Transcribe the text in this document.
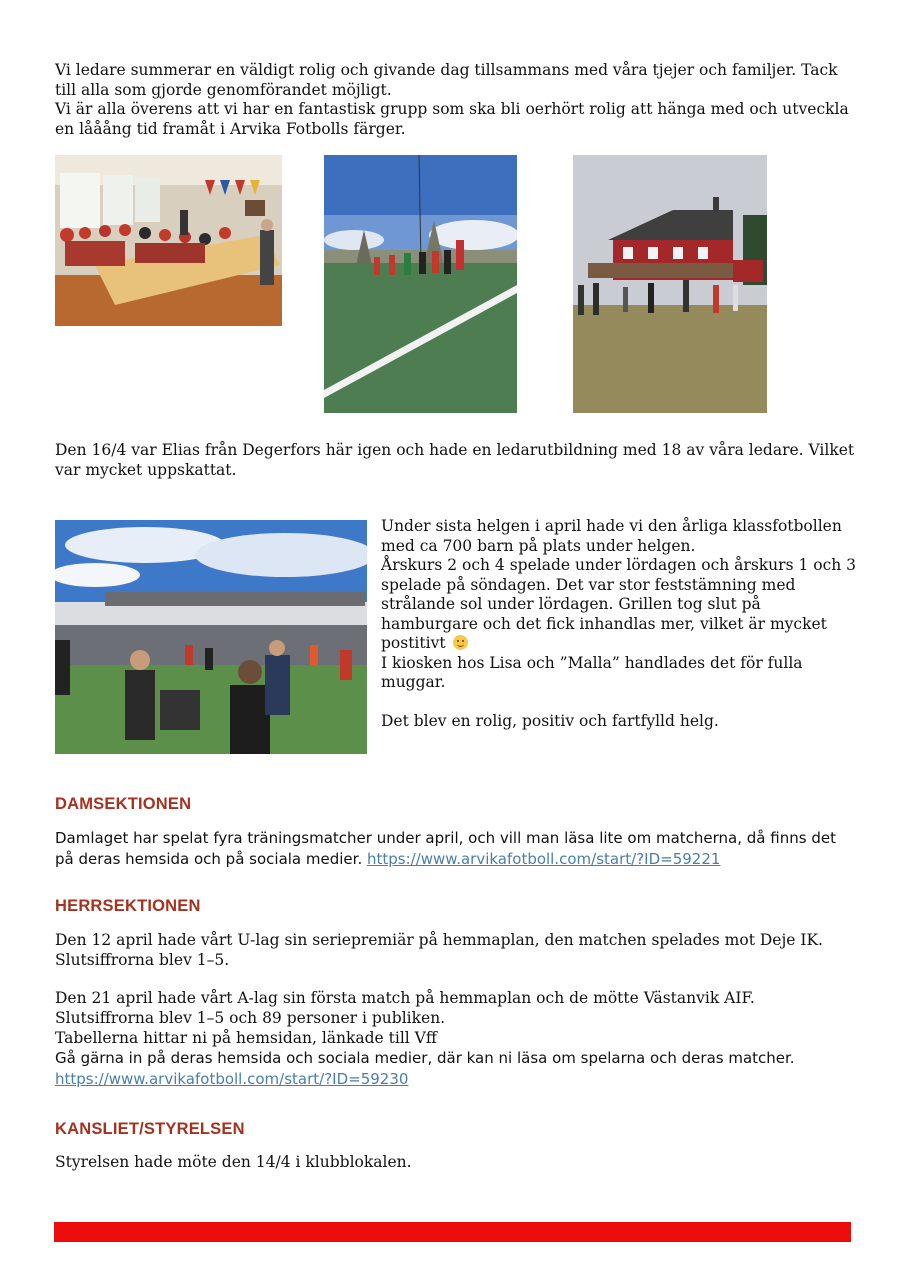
Vi ledare summerar en väldigt rolig och givande dag tillsammans med våra tjejer och familjer. Tack till alla som gjorde genomförandet möjligt.

Vi är alla överens att vi har en fantastisk grupp som ska bli oerhört rolig att hänga med och utveckla en lååång tid framåt i Arvika Fotbolls färger.

Den 16/4 var Elias från Degerfors här igen och hade en ledarutbildning med 18 av våra ledare. Vilket var mycket uppskattat.

Under sista helgen i april hade vi den årliga klassfotbollen med ca 700 barn på plats under helgen.

Årskurs 2 och 4 spelade under lördagen och årskurs 1 och 3 spelade på söndagen. Det var stor feststämning med strålande sol under lördagen. Grillen tog slut på hamburgare och det fick inhandlas mer, vilket är mycket postitivt

I kiosken hos Lisa och ”Malla” handlades det för fulla muggar.

Det blev en rolig, positiv och fartfylld helg.

DAMSEKTIONEN

Damlaget har spelat fyra träningsmatcher under april, och vill man läsa lite om matcherna, då finns det på deras hemsida och på sociala medier. https://www.arvikafotboll.com/start/?ID=59221

HERRSEKTIONEN

Den 12 april hade vårt U-lag sin seriepremiär på hemmaplan, den matchen spelades mot Deje IK. Slutsiffrorna blev 1–5.

Den 21 april hade vårt A-lag sin första match på hemmaplan och de mötte Västanvik AIF. Slutsiffrorna blev 1–5 och 89 personer i publiken.

Tabellerna hittar ni på hemsidan, länkade till Vff

Gå gärna in på deras hemsida och sociala medier, där kan ni läsa om spelarna och deras matcher.

https://www.arvikafotboll.com/start/?ID=59230

KANSLIET/STYRELSEN

Styrelsen hade möte den 14/4 i klubblokalen.
